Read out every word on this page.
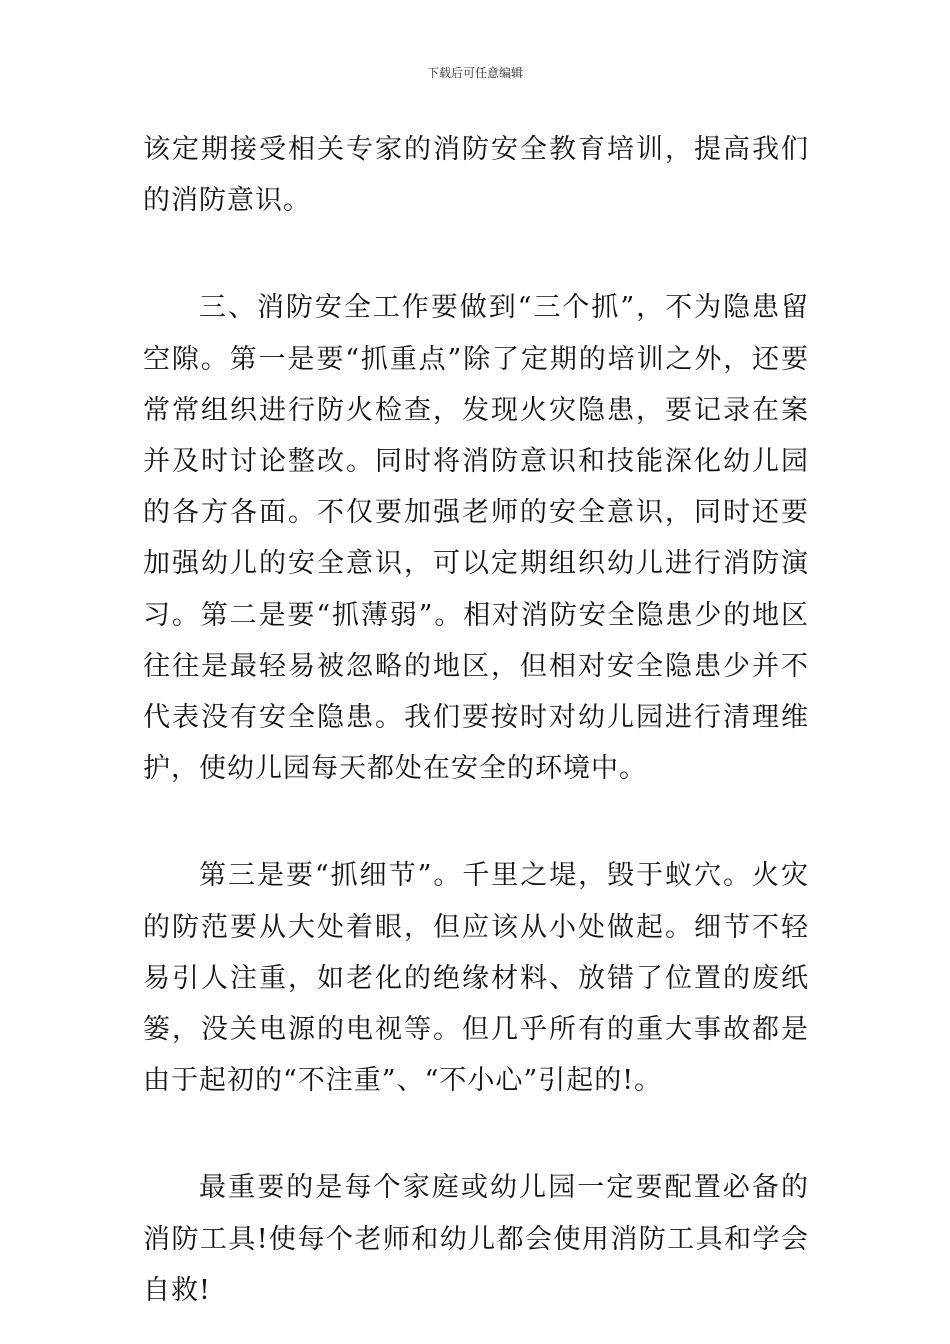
下载后可任意编辑

该定期接受相关专家的消防安全教育培训，提高我们的消防意识。

三、消防安全工作要做到“三个抓”，不为隐患留空隙。第一是要“抓重点”除了定期的培训之外，还要常常组织进行防火检查，发现火灾隐患，要记录在案并及时讨论整改。同时将消防意识和技能深化幼儿园的各方各面。不仅要加强老师的安全意识，同时还要加强幼儿的安全意识，可以定期组织幼儿进行消防演习。第二是要“抓薄弱”。相对消防安全隐患少的地区往往是最轻易被忽略的地区，但相对安全隐患少并不代表没有安全隐患。我们要按时对幼儿园进行清理维护，使幼儿园每天都处在安全的环境中。

第三是要“抓细节”。千里之堤，毁于蚁穴。火灾的防范要从大处着眼，但应该从小处做起。细节不轻易引人注重，如老化的绝缘材料、放错了位置的废纸篓，没关电源的电视等。但几乎所有的重大事故都是由于起初的“不注重”、“不小心”引起的!。

最重要的是每个家庭或幼儿园一定要配置必备的消防工具!使每个老师和幼儿都会使用消防工具和学会自救!
